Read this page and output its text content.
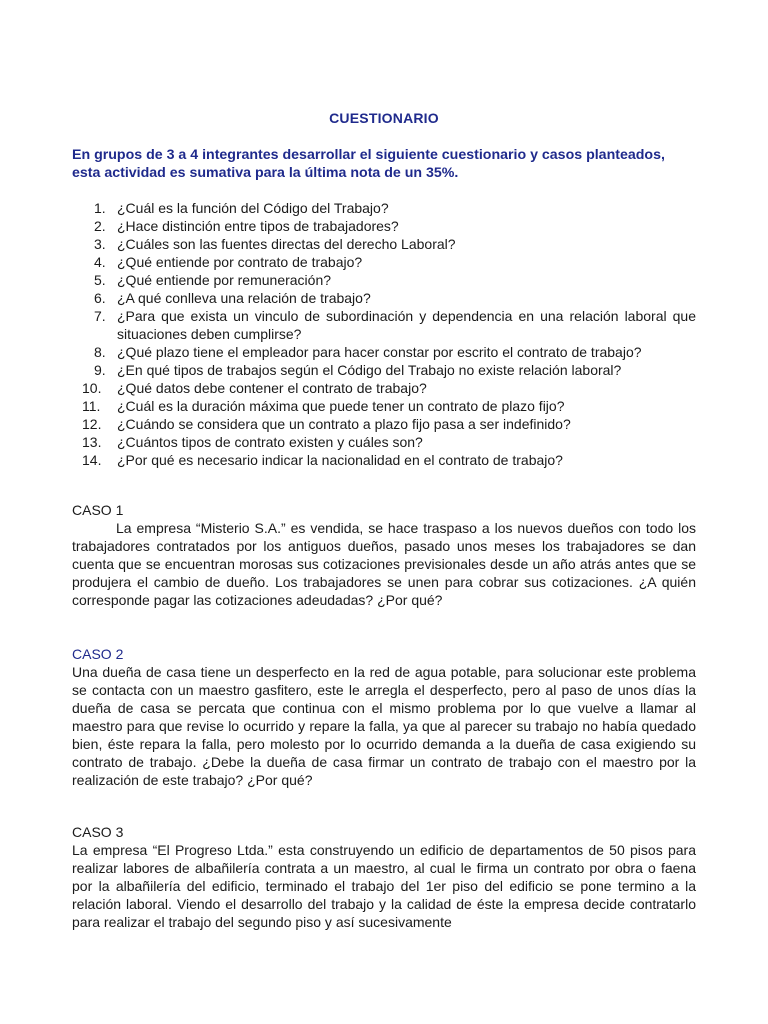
CUESTIONARIO
En grupos de 3 a 4 integrantes desarrollar el siguiente cuestionario y casos planteados, esta actividad es sumativa para la última nota de un 35%.
1. ¿Cuál es la función del Código del Trabajo?
2. ¿Hace distinción entre tipos de trabajadores?
3. ¿Cuáles son las fuentes directas del derecho Laboral?
4. ¿Qué entiende por contrato de trabajo?
5. ¿Qué entiende por remuneración?
6. ¿A qué conlleva una relación de trabajo?
7. ¿Para que exista un vinculo de subordinación y dependencia en una relación laboral que situaciones deben cumplirse?
8. ¿Qué plazo tiene el empleador para hacer constar por escrito el contrato de trabajo?
9. ¿En qué tipos de trabajos según el Código del Trabajo no existe relación laboral?
10. ¿Qué datos debe contener el contrato de trabajo?
11. ¿Cuál es la duración máxima que puede tener un contrato de plazo fijo?
12. ¿Cuándo se considera que un contrato a plazo fijo pasa a ser indefinido?
13. ¿Cuántos tipos de contrato existen y cuáles son?
14. ¿Por qué es necesario indicar la nacionalidad en el contrato de trabajo?
CASO 1
La empresa “Misterio S.A.” es vendida, se hace traspaso a los nuevos dueños con todo los trabajadores contratados por los antiguos dueños, pasado unos meses los trabajadores se dan cuenta que se encuentran morosas sus cotizaciones previsionales desde un año atrás antes que se produjera el cambio de dueño. Los trabajadores se unen para cobrar sus cotizaciones. ¿A quién corresponde pagar las cotizaciones adeudadas? ¿Por qué?
CASO 2
Una dueña de casa tiene un desperfecto en la red de agua potable, para solucionar este problema se contacta con un maestro gasfitero, este le arregla el desperfecto, pero al paso de unos días la dueña de casa se percata que continua con el mismo problema por lo que vuelve a llamar al maestro para que revise lo ocurrido y repare la falla, ya que al parecer su trabajo no había quedado bien, éste repara la falla, pero molesto por lo ocurrido demanda a la dueña de casa exigiendo su contrato de trabajo. ¿Debe la dueña de casa firmar un contrato de trabajo con el maestro por la realización de este trabajo? ¿Por qué?
CASO 3
La empresa “El Progreso Ltda.” esta construyendo un edificio de departamentos de 50 pisos para realizar labores de albañilería contrata a un maestro, al cual le firma un contrato por obra o faena por la albañilería del edificio, terminado el trabajo del 1er piso del edificio se pone termino a la relación laboral. Viendo el desarrollo del trabajo y la calidad de éste la empresa decide contratarlo para realizar el trabajo del segundo piso y así sucesivamente
